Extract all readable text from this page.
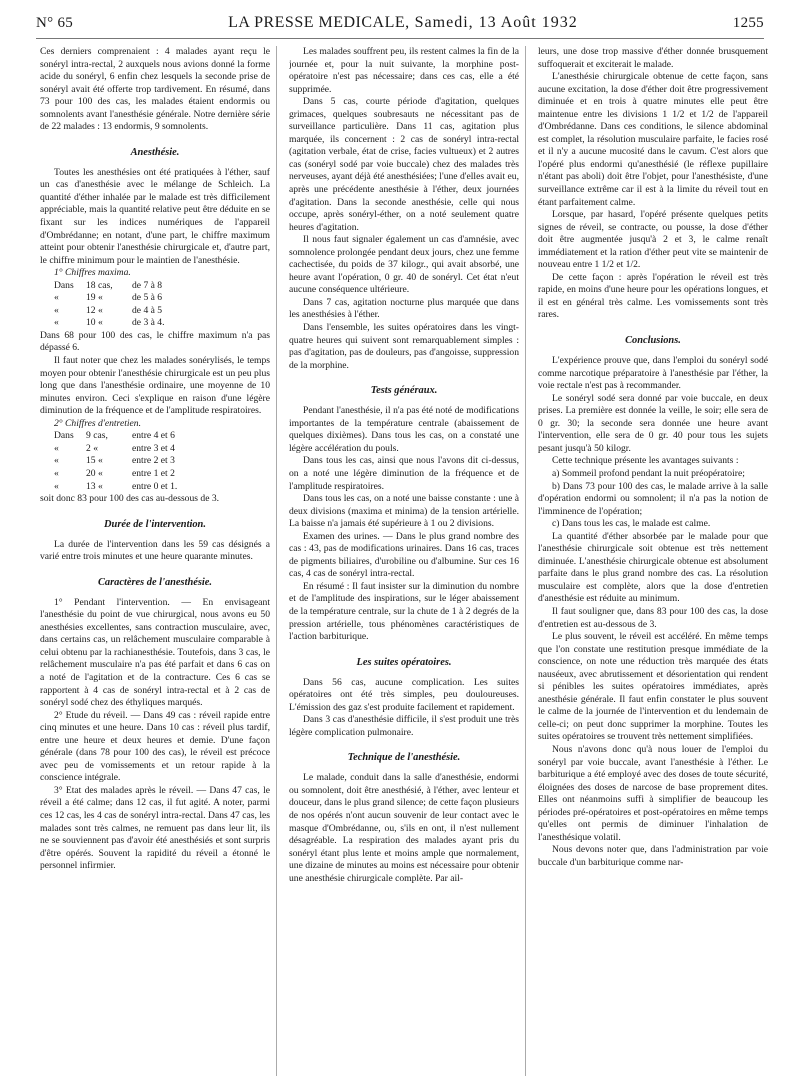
N° 65	LA PRESSE MEDICALE, Samedi, 13 Août 1932	1255

Ces derniers comprenaient : 4 malades ayant reçu le sonéryl intra-rectal, 2 auxquels nous avions donné la forme acide du sonéryl, 6 enfin chez lesquels la seconde prise de sonéryl avait été offerte trop tardivement. En résumé, dans 73 pour 100 des cas, les malades étaient endormis ou somnolents avant l'anesthésie générale. Notre dernière série de 22 malades : 13 endormis, 9 somnolents.

Anesthésie.

Toutes les anesthésies ont été pratiquées à l'éther, sauf un cas d'anesthésie avec le mélange de Schleich. La quantité d'éther inhalée par le malade est très difficilement appréciable, mais la quantité relative peut être déduite en se fixant sur les indices numériques de l'appareil d'Ombrédanne; en notant, d'une part, le chiffre maximum atteint pour obtenir l'anesthésie chirurgicale et, d'autre part, le chiffre minimum pour le maintien de l'anesthésie.

1° Chiffres maxima.

Dans	18 cas,	de 7 à 8
«	19 «	de 5 à 6
«	12 «	de 4 à 5
«	10 «	de 3 à 4.

Dans 68 pour 100 des cas, le chiffre maximum n'a pas dépassé 6.

Il faut noter que chez les malades sonérylisés, le temps moyen pour obtenir l'anesthésie chirurgicale est un peu plus long que dans l'anesthésie ordinaire, une moyenne de 10 minutes environ. Ceci s'explique en raison d'une légère diminution de la fréquence et de l'amplitude respiratoires.

2° Chiffres d'entretien.

Dans	9 cas,	entre 4 et 6
«	2 «	entre 3 et 4
«	15 «	entre 2 et 3
«	20 «	entre 1 et 2
«	13 «	entre 0 et 1.

soit donc 83 pour 100 des cas au-dessous de 3.

Durée de l'intervention.

La durée de l'intervention dans les 59 cas désignés a varié entre trois minutes et une heure quarante minutes.

Caractères de l'anesthésie.

1° Pendant l'intervention. — En envisageant l'anesthésie du point de vue chirurgical, nous avons eu 50 anesthésies excellentes, sans contraction musculaire, avec, dans certains cas, un relâchement musculaire comparable à celui obtenu par la rachianesthésie. Toutefois, dans 3 cas, le relâchement musculaire n'a pas été parfait et dans 6 cas on a noté de l'agitation et de la contracture. Ces 6 cas se rapportent à 4 cas de sonéryl intra-rectal et à 2 cas de sonéryl sodé chez des éthyliques marqués.

2° Etude du réveil. — Dans 49 cas : réveil rapide entre cinq minutes et une heure. Dans 10 cas : réveil plus tardif, entre une heure et deux heures et demie. D'une façon générale (dans 78 pour 100 des cas), le réveil est précoce avec peu de vomissements et un retour rapide à la conscience intégrale.

3° Etat des malades après le réveil. — Dans 47 cas, le réveil a été calme; dans 12 cas, il fut agité. A noter, parmi ces 12 cas, les 4 cas de sonéryl intra-rectal. Dans 47 cas, les malades sont très calmes, ne remuent pas dans leur lit, ils ne se souviennent pas d'avoir été anesthésiés et sont surpris d'être opérés. Souvent la rapidité du réveil a étonné le personnel infirmier.

Les malades souffrent peu, ils restent calmes la fin de la journée et, pour la nuit suivante, la morphine post-opératoire n'est pas nécessaire; dans ces cas, elle a été supprimée.

Dans 5 cas, courte période d'agitation, quelques grimaces, quelques soubresauts ne nécessitant pas de surveillance particulière. Dans 11 cas, agitation plus marquée, ils concernent : 2 cas de sonéryl intra-rectal (agitation verbale, état de crise, facies vultueux) et 2 autres cas (sonéryl sodé par voie buccale) chez des malades très nerveuses, ayant déjà été anesthésiées; l'une d'elles avait eu, après une précédente anesthésie à l'éther, deux journées d'agitation. Dans la seconde anesthésie, celle qui nous occupe, après sonéryl-éther, on a noté seulement quatre heures d'agitation.

Il nous faut signaler également un cas d'amnésie, avec somnolence prolongée pendant deux jours, chez une femme cachectisée, du poids de 37 kilogr., qui avait absorbé, une heure avant l'opération, 0 gr. 40 de sonéryl. Cet état n'eut aucune conséquence ultérieure.

Dans 7 cas, agitation nocturne plus marquée que dans les anesthésies à l'éther.

Dans l'ensemble, les suites opératoires dans les vingt-quatre heures qui suivent sont remarquablement simples : pas d'agitation, pas de douleurs, pas d'angoisse, suppression de la morphine.

Tests généraux.

Pendant l'anesthésie, il n'a pas été noté de modifications importantes de la température centrale (abaissement de quelques dixièmes). Dans tous les cas, on a constaté une légère accélération du pouls.

Dans tous les cas, ainsi que nous l'avons dit ci-dessus, on a noté une légère diminution de la fréquence et de l'amplitude respiratoires.

Dans tous les cas, on a noté une baisse constante : une à deux divisions (maxima et minima) de la tension artérielle. La baisse n'a jamais été supérieure à 1 ou 2 divisions.

Examen des urines. — Dans le plus grand nombre des cas : 43, pas de modifications urinaires. Dans 16 cas, traces de pigments biliaires, d'urobiline ou d'albumine. Sur ces 16 cas, 4 cas de sonéryl intra-rectal.

En résumé : Il faut insister sur la diminution du nombre et de l'amplitude des inspirations, sur le léger abaissement de la température centrale, sur la chute de 1 à 2 degrés de la pression artérielle, tous phénomènes caractéristiques de l'action barbiturique.

Les suites opératoires.

Dans 56 cas, aucune complication. Les suites opératoires ont été très simples, peu douloureuses. L'émission des gaz s'est produite facilement et rapidement.

Dans 3 cas d'anesthésie difficile, il s'est produit une très légère complication pulmonaire.

Technique de l'anesthésie.

Le malade, conduit dans la salle d'anesthésie, endormi ou somnolent, doit être anesthésié, à l'éther, avec lenteur et douceur, dans le plus grand silence; de cette façon plusieurs de nos opérés n'ont aucun souvenir de leur contact avec le masque d'Ombrédanne, ou, s'ils en ont, il n'est nullement désagréable. La respiration des malades ayant pris du sonéryl étant plus lente et moins ample que normalement, une dizaine de minutes au moins est nécessaire pour obtenir une anesthésie chirurgicale complète. Par ail-

leurs, une dose trop massive d'éther donnée brusquement suffoquerait et exciterait le malade.

L'anesthésie chirurgicale obtenue de cette façon, sans aucune excitation, la dose d'éther doit être progressivement diminuée et en trois à quatre minutes elle peut être maintenue entre les divisions 1 1/2 et 1/2 de l'appareil d'Ombrédanne. Dans ces conditions, le silence abdominal est complet, la résolution musculaire parfaite, le facies rosé et il n'y a aucune mucosité dans le cavum. C'est alors que l'opéré plus endormi qu'anesthésié (le réflexe pupillaire n'étant pas aboli) doit être l'objet, pour l'anesthésiste, d'une surveillance extrême car il est à la limite du réveil tout en étant parfaitement calme.

Lorsque, par hasard, l'opéré présente quelques petits signes de réveil, se contracte, ou pousse, la dose d'éther doit être augmentée jusqu'à 2 et 3, le calme renaît immédiatement et la ration d'éther peut vite se maintenir de nouveau entre 1 1/2 et 1/2.

De cette façon : après l'opération le réveil est très rapide, en moins d'une heure pour les opérations longues, et il est en général très calme. Les vomissements sont très rares.

Conclusions.

L'expérience prouve que, dans l'emploi du sonéryl sodé comme narcotique préparatoire à l'anesthésie par l'éther, la voie rectale n'est pas à recommander.

Le sonéryl sodé sera donné par voie buccale, en deux prises. La première est donnée la veille, le soir; elle sera de 0 gr. 30; la seconde sera donnée une heure avant l'intervention, elle sera de 0 gr. 40 pour tous les sujets pesant jusqu'à 50 kilogr.

Cette technique présente les avantages suivants :

a) Sommeil profond pendant la nuit préopératoire;

b) Dans 73 pour 100 des cas, le malade arrive à la salle d'opération endormi ou somnolent; il n'a pas la notion de l'imminence de l'opération;

c) Dans tous les cas, le malade est calme.

La quantité d'éther absorbée par le malade pour que l'anesthésie chirurgicale soit obtenue est très nettement diminuée. L'anesthésie chirurgicale obtenue est absolument parfaite dans le plus grand nombre des cas. La résolution musculaire est complète, alors que la dose d'entretien d'anesthésie est réduite au minimum.

Il faut souligner que, dans 83 pour 100 des cas, la dose d'entretien est au-dessous de 3.

Le plus souvent, le réveil est accéléré. En même temps que l'on constate une restitution presque immédiate de la conscience, on note une réduction très marquée des états nauséeux, avec abrutissement et désorientation qui rendent si pénibles les suites opératoires immédiates, après anesthésie générale. Il faut enfin constater le plus souvent le calme de la journée de l'intervention et du lendemain de celle-ci; on peut donc supprimer la morphine. Toutes les suites opératoires se trouvent très nettement simplifiées.

Nous n'avons donc qu'à nous louer de l'emploi du sonéryl par voie buccale, avant l'anesthésie à l'éther. Le barbiturique a été employé avec des doses de toute sécurité, éloignées des doses de narcose de base proprement dites. Elles ont néanmoins suffi à simplifier de beaucoup les périodes pré-opératoires et post-opératoires en même temps qu'elles ont permis de diminuer l'inhalation de l'anesthésique volatil.

Nous devons noter que, dans l'administration par voie buccale d'un barbiturique comme nar-
